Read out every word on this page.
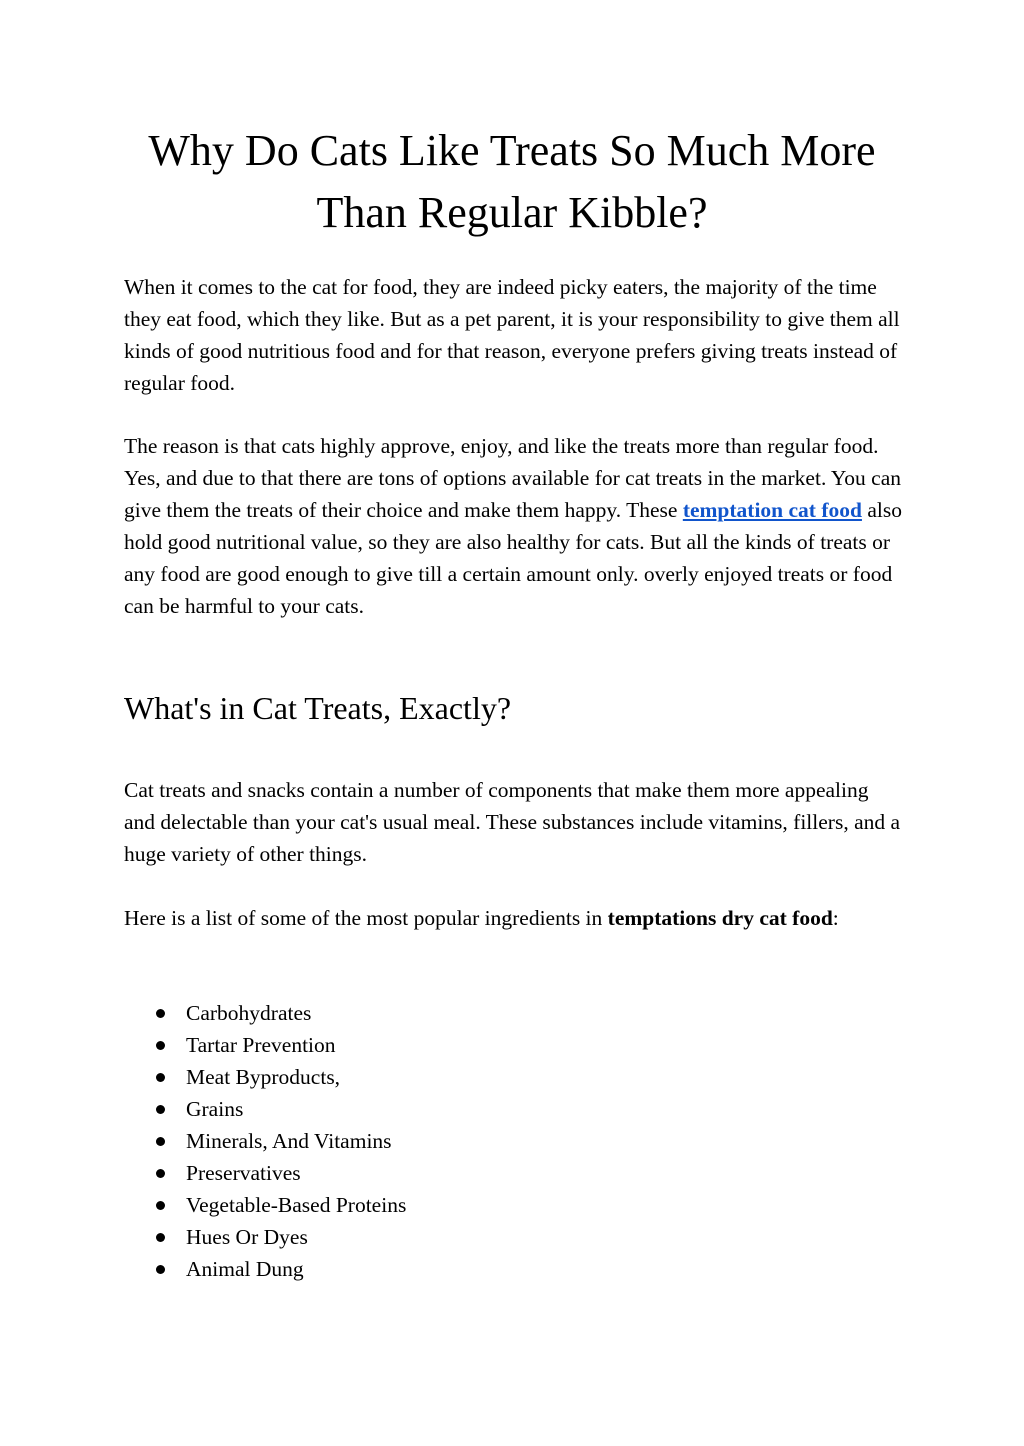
Why Do Cats Like Treats So Much More Than Regular Kibble?

When it comes to the cat for food, they are indeed picky eaters, the majority of the time they eat food, which they like. But as a pet parent, it is your responsibility to give them all kinds of good nutritious food and for that reason, everyone prefers giving treats instead of regular food.

The reason is that cats highly approve, enjoy, and like the treats more than regular food. Yes, and due to that there are tons of options available for cat treats in the market. You can give them the treats of their choice and make them happy. These temptation cat food also hold good nutritional value, so they are also healthy for cats. But all the kinds of treats or any food are good enough to give till a certain amount only. overly enjoyed treats or food can be harmful to your cats.

What's in Cat Treats, Exactly?

Cat treats and snacks contain a number of components that make them more appealing and delectable than your cat's usual meal. These substances include vitamins, fillers, and a huge variety of other things.

Here is a list of some of the most popular ingredients in temptations dry cat food:

Carbohydrates
Tartar Prevention
Meat Byproducts,
Grains
Minerals, And Vitamins
Preservatives
Vegetable-Based Proteins
Hues Or Dyes
Animal Dung
